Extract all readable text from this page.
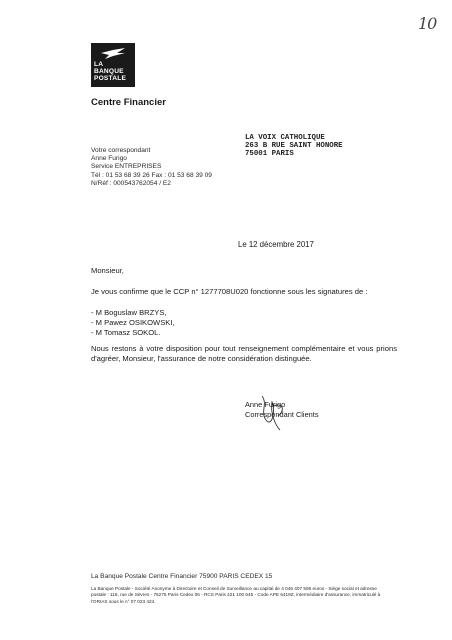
10
LA
BANQUE
POSTALE
Centre Financier
Votre correspondant
Anne Furigo
Service ENTREPRISES
Tél : 01 53 68 39 26 Fax : 01 53 68 39 09
N/Réf : 000543762054 / E2
LA VOIX CATHOLIQUE
263 B RUE SAINT HONORE
75001 PARIS
Le 12 décembre 2017
Monsieur,
Je vous confirme que le CCP n° 1277708U020 fonctionne sous les signatures de :
- M Boguslaw BRZYS,
- M Pawez OSIKOWSKI,
- M Tomasz SOKOL.
Nous restons à votre disposition pour tout renseignement complémentaire et vous prions d'agréer, Monsieur, l'assurance de notre considération distinguée.
Anne Furigo
Correspondant Clients
La Banque Postale Centre Financier 75900 PARIS CEDEX 15
La Banque Postale - Société Anonyme à Directoire et Conseil de Surveillance au capital de 4 046 407 595 euros - Siège social et adresse postale : 115, rue de Sèvres - 75275 Paris Cedex 06 - RCS Paris 421 100 645 - Code APE 6419Z, intermédiaire d'assurance, immatriculé à l'ORIAS sous le n° 07 023 424.
